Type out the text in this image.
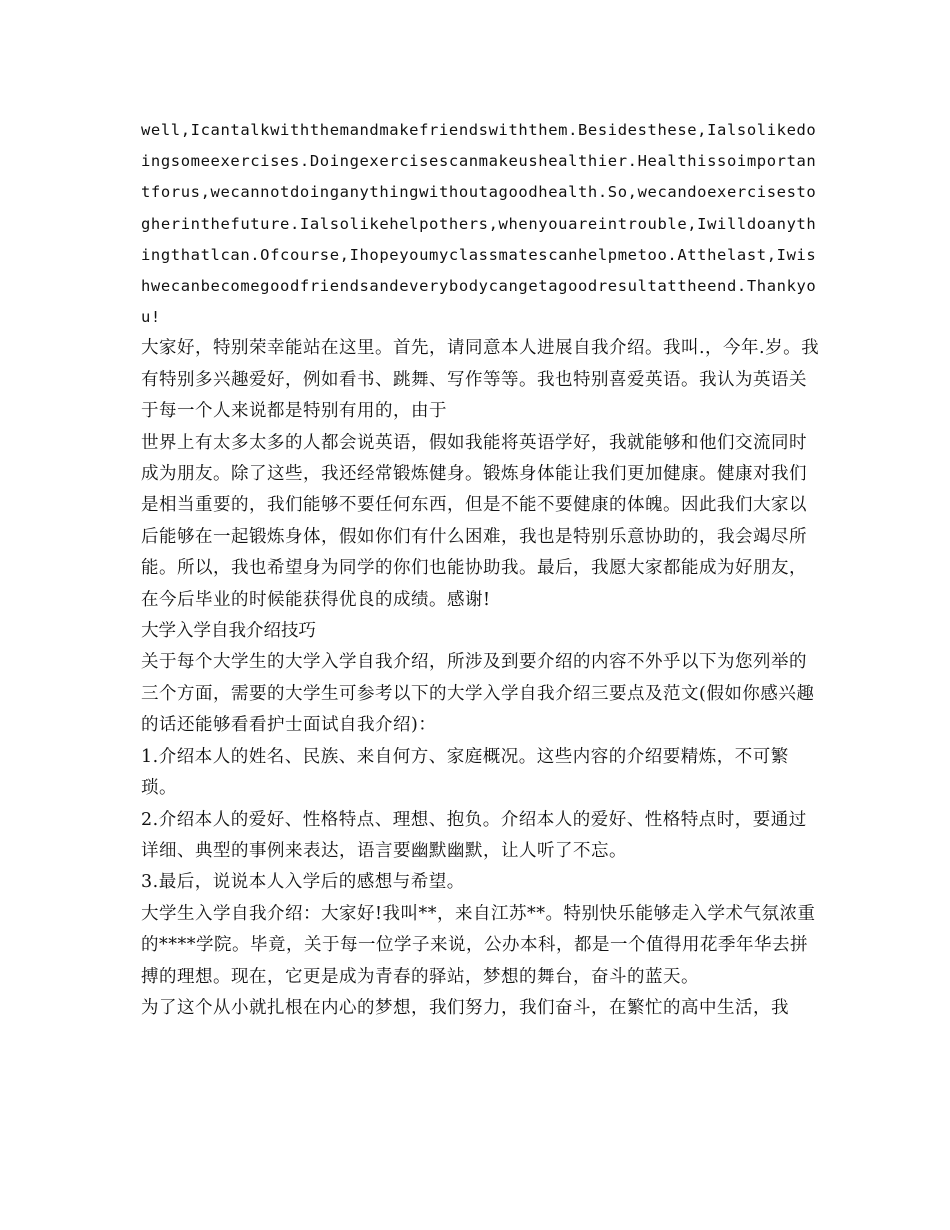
well,Icantalkwiththemandmakefriendswiththem.Besidesthese,Ialsolikedoingsomeexercises.Doingexercisescanmakeushealthier.Healthissoimportantforus,wecannotdoinganythingwithoutagoodhealth.So,wecandoexercisestogherinthefuture.Ialsolikehelpothers,whenyouareintrouble,Iwilldoanythingthatlcan.Ofcourse,Ihopeyoumyclassmatescanhelpmetoo.Atthelast,Iwishwecanbecomegoodfriendsandeverybodycangetagoodresultattheend.Thankyou!

大家好，特别荣幸能站在这里。首先，请同意本人进展自我介绍。我叫.，今年.岁。我有特别多兴趣爱好，例如看书、跳舞、写作等等。我也特别喜爱英语。我认为英语关于每一个人来说都是特别有用的，由于

世界上有太多太多的人都会说英语，假如我能将英语学好，我就能够和他们交流同时成为朋友。除了这些，我还经常锻炼健身。锻炼身体能让我们更加健康。健康对我们是相当重要的，我们能够不要任何东西，但是不能不要健康的体魄。因此我们大家以后能够在一起锻炼身体，假如你们有什么困难，我也是特别乐意协助的，我会竭尽所能。所以，我也希望身为同学的你们也能协助我。最后，我愿大家都能成为好朋友，在今后毕业的时候能获得优良的成绩。感谢!

大学入学自我介绍技巧

关于每个大学生的大学入学自我介绍，所涉及到要介绍的内容不外乎以下为您列举的三个方面，需要的大学生可参考以下的大学入学自我介绍三要点及范文(假如你感兴趣的话还能够看看护士面试自我介绍)：

1.介绍本人的姓名、民族、来自何方、家庭概况。这些内容的介绍要精炼，不可繁琐。

2.介绍本人的爱好、性格特点、理想、抱负。介绍本人的爱好、性格特点时，要通过详细、典型的事例来表达，语言要幽默幽默，让人听了不忘。

3.最后，说说本人入学后的感想与希望。

大学生入学自我介绍：大家好!我叫**，来自江苏**。特别快乐能够走入学术气氛浓重的****学院。毕竟，关于每一位学子来说，公办本科，都是一个值得用花季年华去拼搏的理想。现在，它更是成为青春的驿站，梦想的舞台，奋斗的蓝天。

为了这个从小就扎根在内心的梦想，我们努力，我们奋斗，在繁忙的高中生活，我
